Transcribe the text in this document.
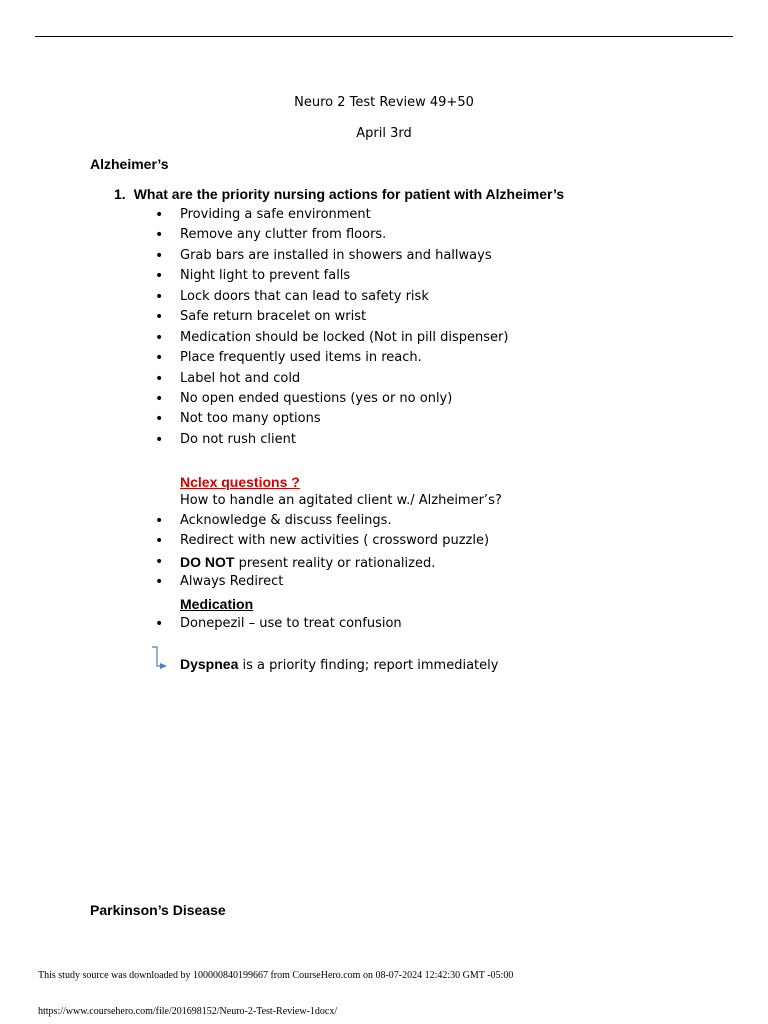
Neuro 2 Test Review 49+50
April 3rd
Alzheimer’s
1. What are the priority nursing actions for patient with Alzheimer’s
• Providing a safe environment
• Remove any clutter from floors.
• Grab bars are installed in showers and hallways
• Night light to prevent falls
• Lock doors that can lead to safety risk
• Safe return bracelet on wrist
• Medication should be locked (Not in pill dispenser)
• Place frequently used items in reach.
• Label hot and cold
• No open ended questions (yes or no only)
• Not too many options
• Do not rush client
Nclex questions ?
How to handle an agitated client w./ Alzheimer’s?
• Acknowledge & discuss feelings.
• Redirect with new activities ( crossword puzzle)
• DO NOT present reality or rationalized.
• Always Redirect
Medication
• Donepezil – use to treat confusion
Dyspnea is a priority finding; report immediately
Parkinson’s Disease
This study source was downloaded by 100000840199667 from CourseHero.com on 08-07-2024 12:42:30 GMT -05:00
https://www.coursehero.com/file/201698152/Neuro-2-Test-Review-1docx/
